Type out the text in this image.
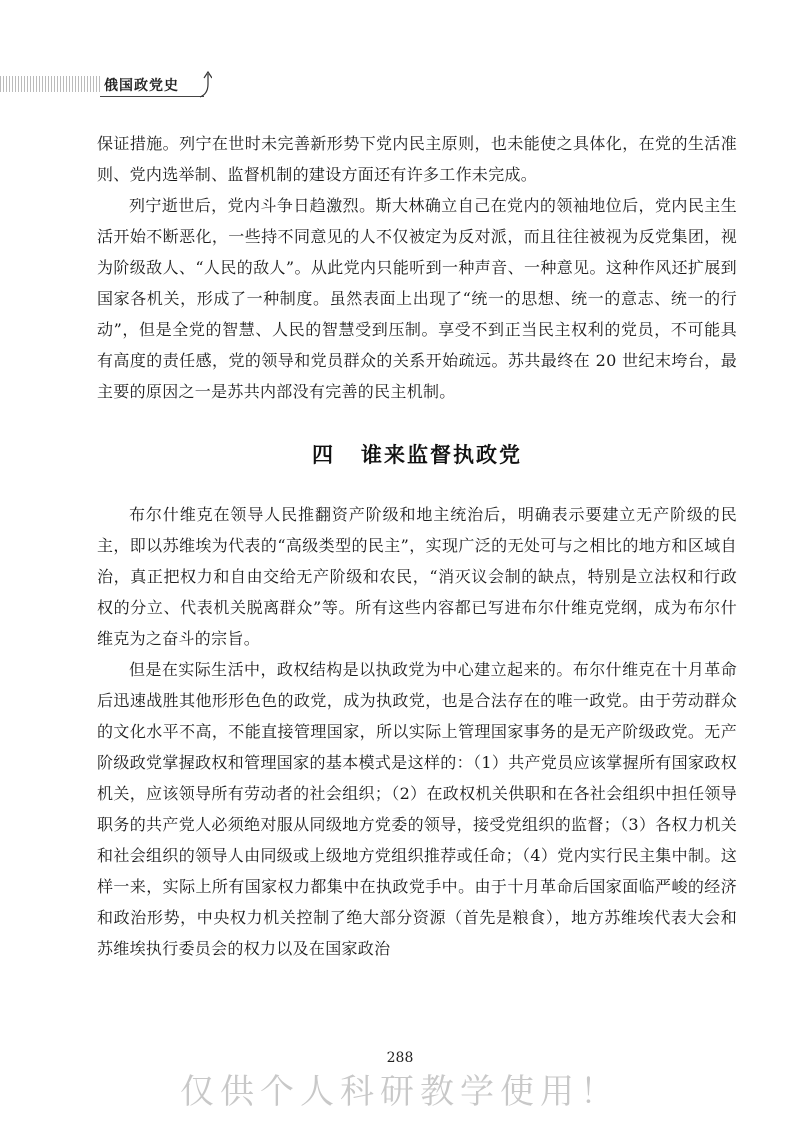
俄国政党史

保证措施。列宁在世时未完善新形势下党内民主原则，也未能使之具体化，在党的生活准则、党内选举制、监督机制的建设方面还有许多工作未完成。

列宁逝世后，党内斗争日趋激烈。斯大林确立自己在党内的领袖地位后，党内民主生活开始不断恶化，一些持不同意见的人不仅被定为反对派，而且往往被视为反党集团，视为阶级敌人、“人民的敌人”。从此党内只能听到一种声音、一种意见。这种作风还扩展到国家各机关，形成了一种制度。虽然表面上出现了“统一的思想、统一的意志、统一的行动”，但是全党的智慧、人民的智慧受到压制。享受不到正当民主权利的党员，不可能具有高度的责任感，党的领导和党员群众的关系开始疏远。苏共最终在 20 世纪末垮台，最主要的原因之一是苏共内部没有完善的民主机制。

四 谁来监督执政党

布尔什维克在领导人民推翻资产阶级和地主统治后，明确表示要建立无产阶级的民主，即以苏维埃为代表的“高级类型的民主”，实现广泛的无处可与之相比的地方和区域自治，真正把权力和自由交给无产阶级和农民，“消灭议会制的缺点，特别是立法权和行政权的分立、代表机关脱离群众”等。所有这些内容都已写进布尔什维克党纲，成为布尔什维克为之奋斗的宗旨。

但是在实际生活中，政权结构是以执政党为中心建立起来的。布尔什维克在十月革命后迅速战胜其他形形色色的政党，成为执政党，也是合法存在的唯一政党。由于劳动群众的文化水平不高，不能直接管理国家，所以实际上管理国家事务的是无产阶级政党。无产阶级政党掌握政权和管理国家的基本模式是这样的：（1）共产党员应该掌握所有国家政权机关，应该领导所有劳动者的社会组织；（2）在政权机关供职和在各社会组织中担任领导职务的共产党人必须绝对服从同级地方党委的领导，接受党组织的监督；（3）各权力机关和社会组织的领导人由同级或上级地方党组织推荐或任命；（4）党内实行民主集中制。这样一来，实际上所有国家权力都集中在执政党手中。由于十月革命后国家面临严峻的经济和政治形势，中央权力机关控制了绝大部分资源（首先是粮食），地方苏维埃代表大会和苏维埃执行委员会的权力以及在国家政治

288
仅供个人科研教学使用！
